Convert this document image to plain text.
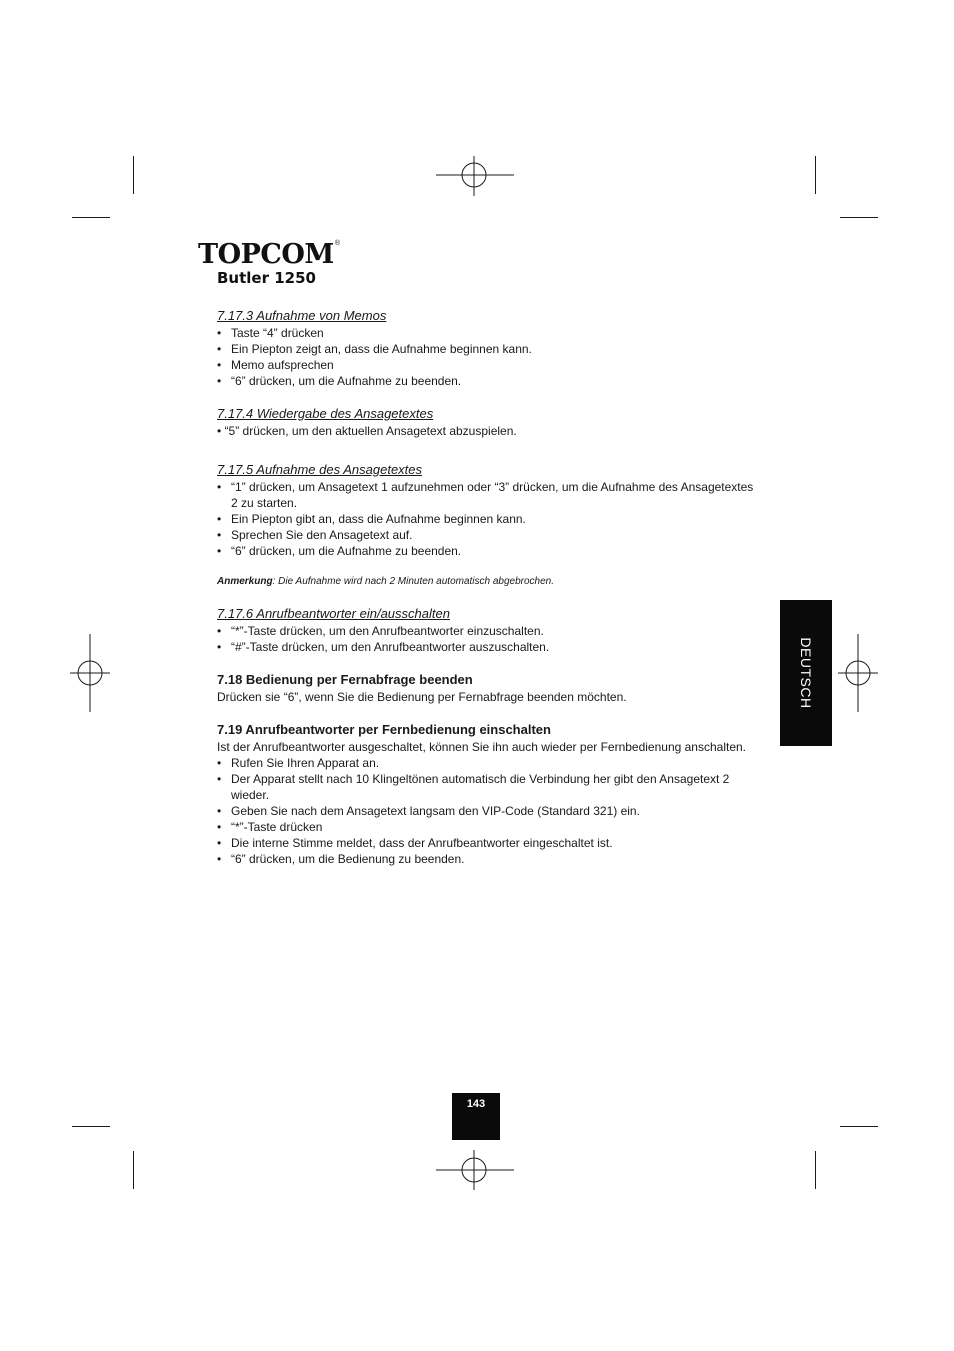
TOPCOM®
Butler 1250
7.17.3 Aufnahme von Memos
• Taste “4” drücken
• Ein Piepton zeigt an, dass die Aufnahme beginnen kann.
• Memo aufsprechen
• “6” drücken, um die Aufnahme zu beenden.
7.17.4 Wiedergabe des Ansagetextes

• “5” drücken, um den aktuellen Ansagetext abzuspielen.

7.17.5 Aufnahme des Ansagetextes
• “1” drücken, um Ansagetext 1 aufzunehmen oder “3” drücken, um die Aufnahme des Ansagetextes 2 zu starten.
• Ein Piepton gibt an, dass die Aufnahme beginnen kann.
• Sprechen Sie den Ansagetext auf.
• “6” drücken, um die Aufnahme zu beenden.

Anmerkung: Die Aufnahme wird nach 2 Minuten automatisch abgebrochen.

7.17.6 Anrufbeantworter ein/ausschalten
• “*”-Taste drücken, um den Anrufbeantworter einzuschalten.
• “#”-Taste drücken, um den Anrufbeantworter auszuschalten.
7.18 Bedienung per Fernabfrage beenden

Drücken sie “6”, wenn Sie die Bedienung per Fernabfrage beenden möchten.

7.19 Anrufbeantworter per Fernbedienung einschalten

Ist der Anrufbeantworter ausgeschaltet, können Sie ihn auch wieder per Fernbedienung anschalten.

• Rufen Sie Ihren Apparat an.
• Der Apparat stellt nach 10 Klingeltönen automatisch die Verbindung her gibt den Ansagetext 2 wieder.
• Geben Sie nach dem Ansagetext langsam den VIP-Code (Standard 321) ein.
• “*”-Taste drücken
• Die interne Stimme meldet, dass der Anrufbeantworter eingeschaltet ist.
• “6” drücken, um die Bedienung zu beenden.
DEUTSCH
143
